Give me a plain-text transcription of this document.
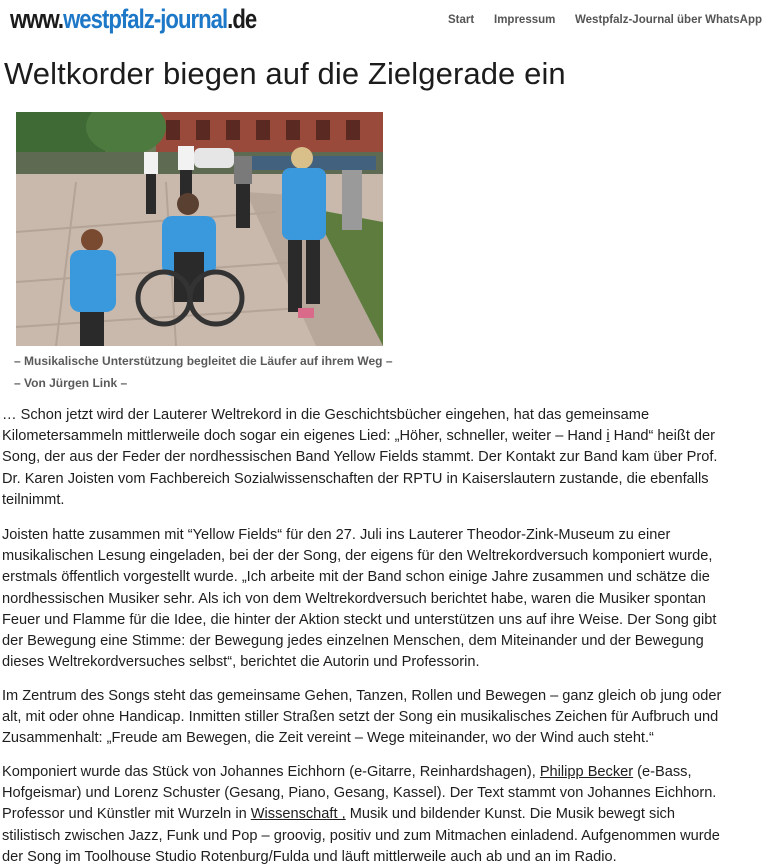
www.westpfalz-journal.de	Start Impressum Westpfalz-Journal über WhatsApp
Weltkorder biegen auf die Zielgerade ein
– Musikalische Unterstützung begleitet die Läufer auf ihrem Weg –
– Von Jürgen Link –
… Schon jetzt wird der Lauterer Weltrekord in die Geschichtsbücher eingehen, hat das gemeinsame
Kilometersammeln mittlerweile doch sogar ein eigenes Lied: „Höher, schneller, weiter – Hand i Hand“ heißt der
Song, der aus der Feder der nordhessischen Band Yellow Fields stammt. Der Kontakt zur Band kam über Prof.
Dr. Karen Joisten vom Fachbereich Sozialwissenschaften der RPTU in Kaiserslautern zustande, die ebenfalls
teilnimmt.
Joisten hatte zusammen mit “Yellow Fields“ für den 27. Juli ins Lauterer Theodor-Zink-Museum zu einer
musikalischen Lesung eingeladen, bei der der Song, der eigens für den Weltrekordversuch komponiert wurde,
erstmals öffentlich vorgestellt wurde. „Ich arbeite mit der Band schon einige Jahre zusammen und schätze die
nordhessischen Musiker sehr. Als ich von dem Weltrekordversuch berichtet habe, waren die Musiker spontan
Feuer und Flamme für die Idee, die hinter der Aktion steckt und unterstützen uns auf ihre Weise. Der Song gibt
der Bewegung eine Stimme: der Bewegung jedes einzelnen Menschen, dem Miteinander und der Bewegung
dieses Weltrekordversuches selbst“, berichtet die Autorin und Professorin.
Im Zentrum des Songs steht das gemeinsame Gehen, Tanzen, Rollen und Bewegen – ganz gleich ob jung oder
alt, mit oder ohne Handicap. Inmitten stiller Straßen setzt der Song ein musikalisches Zeichen für Aufbruch und
Zusammenhalt: „Freude am Bewegen, die Zeit vereint – Wege miteinander, wo der Wind auch steht.“
Komponiert wurde das Stück von Johannes Eichhorn (e-Gitarre, Reinhardshagen), Philipp Becker (e-Bass,
Hofgeismar) und Lorenz Schuster (Gesang, Piano, Gesang, Kassel). Der Text stammt von Johannes Eichhorn.
Professor und Künstler mit Wurzeln in Wissenschaft , Musik und bildender Kunst. Die Musik bewegt sich
stilistisch zwischen Jazz, Funk und Pop – groovig, positiv und zum Mitmachen einladend. Aufgenommen wurde
der Song im Toolhouse Studio Rotenburg/Fulda und läuft mittlerweile auch ab und an im Radio.
